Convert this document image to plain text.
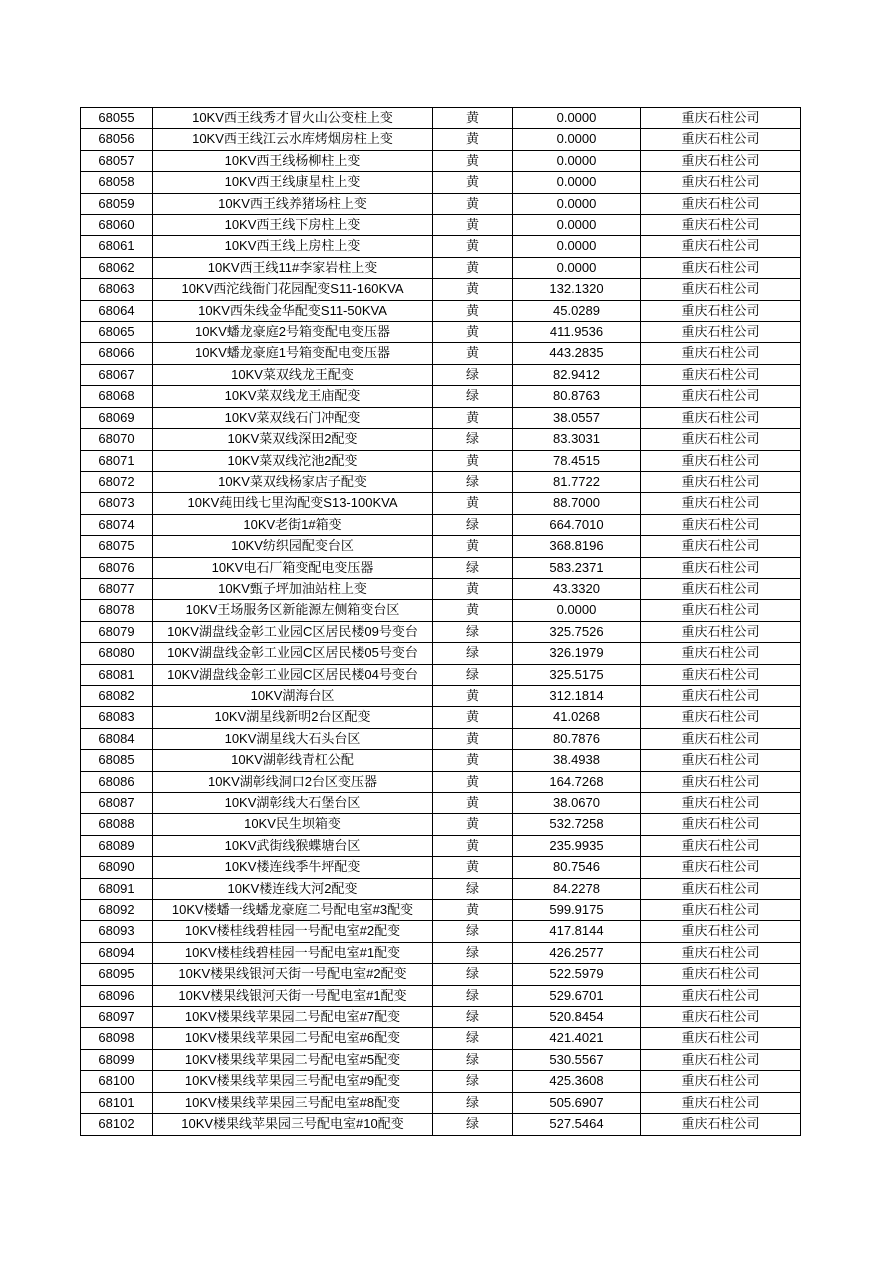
68055	10KV西王线秀才冒火山公变柱上变	黄	0.0000	重庆石柱公司
68056	10KV西王线江云水库烤烟房柱上变	黄	0.0000	重庆石柱公司
68057	10KV西王线杨柳柱上变	黄	0.0000	重庆石柱公司
68058	10KV西王线康星柱上变	黄	0.0000	重庆石柱公司
68059	10KV西王线养猪场柱上变	黄	0.0000	重庆石柱公司
68060	10KV西王线下房柱上变	黄	0.0000	重庆石柱公司
68061	10KV西王线上房柱上变	黄	0.0000	重庆石柱公司
68062	10KV西王线11#李家岩柱上变	黄	0.0000	重庆石柱公司
68063	10KV西沱线衙门花园配变S11-160KVA	黄	132.1320	重庆石柱公司
68064	10KV西朱线金华配变S11-50KVA	黄	45.0289	重庆石柱公司
68065	10KV蟠龙豪庭2号箱变配电变压器	黄	411.9536	重庆石柱公司
68066	10KV蟠龙豪庭1号箱变配电变压器	黄	443.2835	重庆石柱公司
68067	10KV菜双线龙王配变	绿	82.9412	重庆石柱公司
68068	10KV菜双线龙王庙配变	绿	80.8763	重庆石柱公司
68069	10KV菜双线石门冲配变	黄	38.0557	重庆石柱公司
68070	10KV菜双线深田2配变	绿	83.3031	重庆石柱公司
68071	10KV菜双线沱池2配变	黄	78.4515	重庆石柱公司
68072	10KV菜双线杨家店子配变	绿	81.7722	重庆石柱公司
68073	10KV莼田线七里沟配变S13-100KVA	黄	88.7000	重庆石柱公司
68074	10KV老街1#箱变	绿	664.7010	重庆石柱公司
68075	10KV纺织园配变台区	黄	368.8196	重庆石柱公司
68076	10KV电石厂箱变配电变压器	绿	583.2371	重庆石柱公司
68077	10KV甄子坪加油站柱上变	黄	43.3320	重庆石柱公司
68078	10KV王场服务区新能源左侧箱变台区	黄	0.0000	重庆石柱公司
68079	10KV湖盘线金彰工业园C区居民楼09号变台	绿	325.7526	重庆石柱公司
68080	10KV湖盘线金彰工业园C区居民楼05号变台	绿	326.1979	重庆石柱公司
68081	10KV湖盘线金彰工业园C区居民楼04号变台	绿	325.5175	重庆石柱公司
68082	10KV湖海台区	黄	312.1814	重庆石柱公司
68083	10KV湖星线新明2台区配变	黄	41.0268	重庆石柱公司
68084	10KV湖星线大石头台区	黄	80.7876	重庆石柱公司
68085	10KV湖彰线青杠公配	黄	38.4938	重庆石柱公司
68086	10KV湖彰线洞口2台区变压器	黄	164.7268	重庆石柱公司
68087	10KV湖彰线大石堡台区	黄	38.0670	重庆石柱公司
68088	10KV民生坝箱变	黄	532.7258	重庆石柱公司
68089	10KV武街线猴蝶塘台区	黄	235.9935	重庆石柱公司
68090	10KV楼连线季牛坪配变	黄	80.7546	重庆石柱公司
68091	10KV楼连线大河2配变	绿	84.2278	重庆石柱公司
68092	10KV楼蟠一线蟠龙豪庭二号配电室#3配变	黄	599.9175	重庆石柱公司
68093	10KV楼桂线碧桂园一号配电室#2配变	绿	417.8144	重庆石柱公司
68094	10KV楼桂线碧桂园一号配电室#1配变	绿	426.2577	重庆石柱公司
68095	10KV楼果线银河天街一号配电室#2配变	绿	522.5979	重庆石柱公司
68096	10KV楼果线银河天街一号配电室#1配变	绿	529.6701	重庆石柱公司
68097	10KV楼果线苹果园二号配电室#7配变	绿	520.8454	重庆石柱公司
68098	10KV楼果线苹果园二号配电室#6配变	绿	421.4021	重庆石柱公司
68099	10KV楼果线苹果园二号配电室#5配变	绿	530.5567	重庆石柱公司
68100	10KV楼果线苹果园三号配电室#9配变	绿	425.3608	重庆石柱公司
68101	10KV楼果线苹果园三号配电室#8配变	绿	505.6907	重庆石柱公司
68102	10KV楼果线苹果园三号配电室#10配变	绿	527.5464	重庆石柱公司
